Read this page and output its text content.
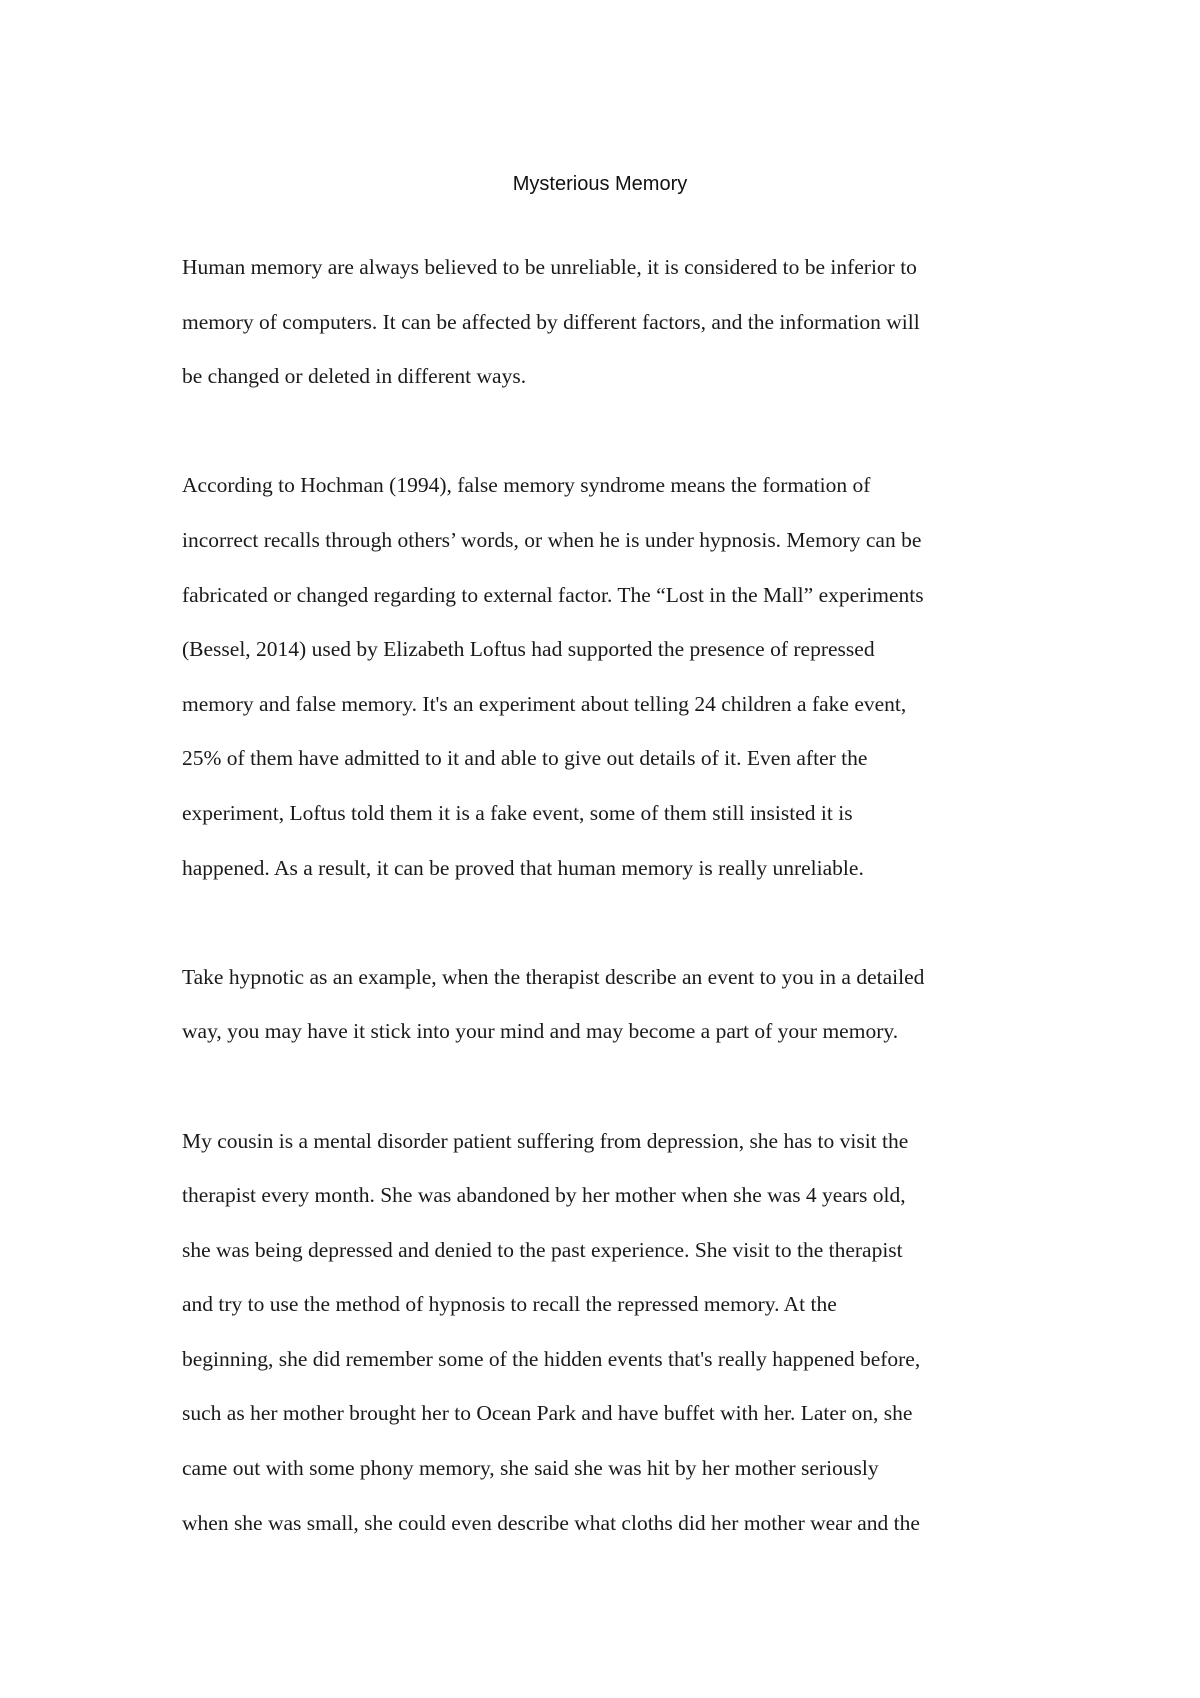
Mysterious Memory
Human memory are always believed to be unreliable, it is considered to be inferior to
memory of computers. It can be affected by different factors, and the information will
be changed or deleted in different ways.
According to Hochman (1994), false memory syndrome means the formation of
incorrect recalls through others’ words, or when he is under hypnosis. Memory can be
fabricated or changed regarding to external factor. The “Lost in the Mall” experiments
(Bessel, 2014) used by Elizabeth Loftus had supported the presence of repressed
memory and false memory. It's an experiment about telling 24 children a fake event,
25% of them have admitted to it and able to give out details of it. Even after the
experiment, Loftus told them it is a fake event, some of them still insisted it is
happened. As a result, it can be proved that human memory is really unreliable.
Take hypnotic as an example, when the therapist describe an event to you in a detailed
way, you may have it stick into your mind and may become a part of your memory.
My cousin is a mental disorder patient suffering from depression, she has to visit the
therapist every month. She was abandoned by her mother when she was 4 years old,
she was being depressed and denied to the past experience. She visit to the therapist
and try to use the method of hypnosis to recall the repressed memory. At the
beginning, she did remember some of the hidden events that's really happened before,
such as her mother brought her to Ocean Park and have buffet with her. Later on, she
came out with some phony memory, she said she was hit by her mother seriously
when she was small, she could even describe what cloths did her mother wear and the
